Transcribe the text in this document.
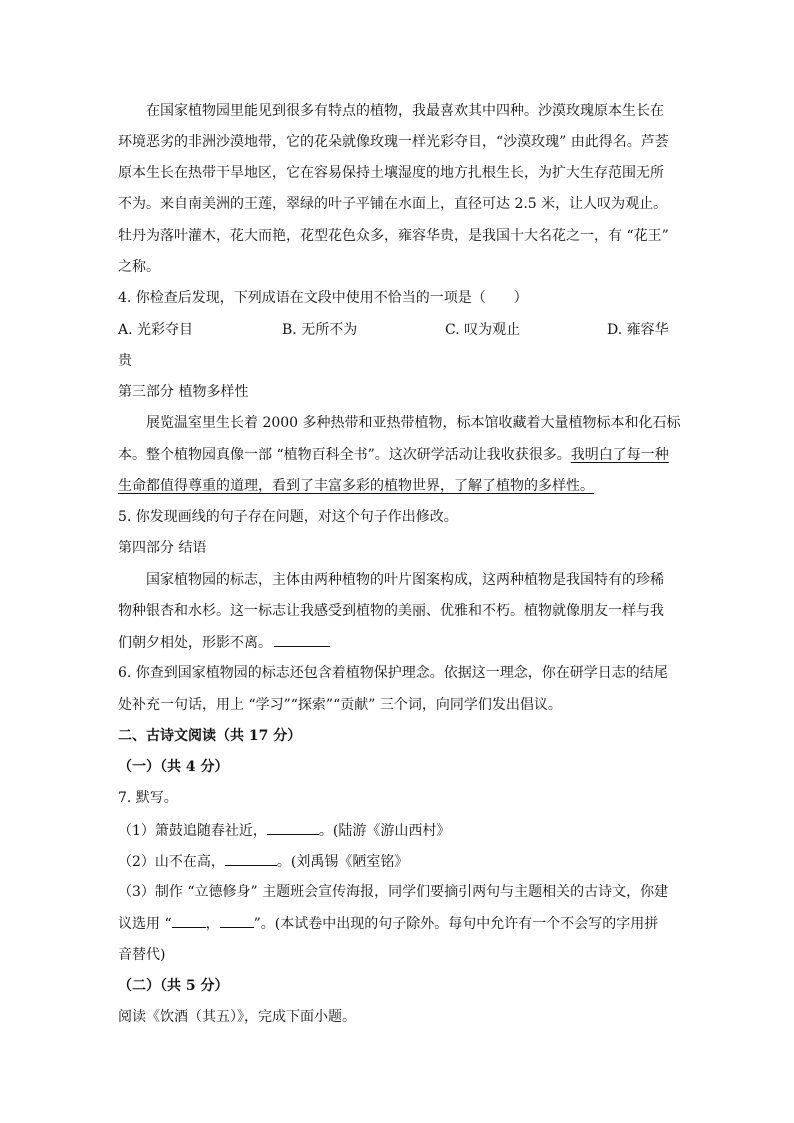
在国家植物园里能见到很多有特点的植物，我最喜欢其中四种。沙漠玫瑰原本生长在
环境恶劣的非洲沙漠地带，它的花朵就像玫瑰一样光彩夺目，“沙漠玫瑰” 由此得名。芦荟
原本生长在热带干旱地区，它在容易保持土壤湿度的地方扎根生长，为扩大生存范围无所
不为。来自南美洲的王莲，翠绿的叶子平铺在水面上，直径可达 2.5 米，让人叹为观止。
牡丹为落叶灌木，花大而艳，花型花色众多，雍容华贵，是我国十大名花之一，有 “花王”
之称。
4. 你检查后发现，下列成语在文段中使用不恰当的一项是（　　）
A. 光彩夺目	B. 无所不为	C. 叹为观止	D. 雍容华
贵
第三部分 植物多样性
展览温室里生长着 2000 多种热带和亚热带植物，标本馆收藏着大量植物标本和化石标
本。整个植物园真像一部 “植物百科全书”。这次研学活动让我收获很多。我明白了每一种
生命都值得尊重的道理，看到了丰富多彩的植物世界，了解了植物的多样性。
5. 你发现画线的句子存在问题，对这个句子作出修改。
第四部分 结语
国家植物园的标志，主体由两种植物的叶片图案构成，这两种植物是我国特有的珍稀
物种银杏和水杉。这一标志让我感受到植物的美丽、优雅和不朽。植物就像朋友一样与我
们朝夕相处，形影不离。
6. 你查到国家植物园的标志还包含着植物保护理念。依据这一理念，你在研学日志的结尾
处补充一句话，用上 “学习”“探索”“贡献” 三个词，向同学们发出倡议。
二、古诗文阅读（共 17 分）
（一）（共 4 分）
7. 默写。
（1）箫鼓追随春社近，	。(陆游《游山西村》
（2）山不在高，	。(刘禹锡《陋室铭》
（3）制作 “立德修身” 主题班会宣传海报，同学们要摘引两句与主题相关的古诗文，你建
议选用 “ ， ”。(本试卷中出现的句子除外。每句中允许有一个不会写的字用拼
音替代)
（二）（共 5 分）
阅读《饮酒（其五）》，完成下面小题。
